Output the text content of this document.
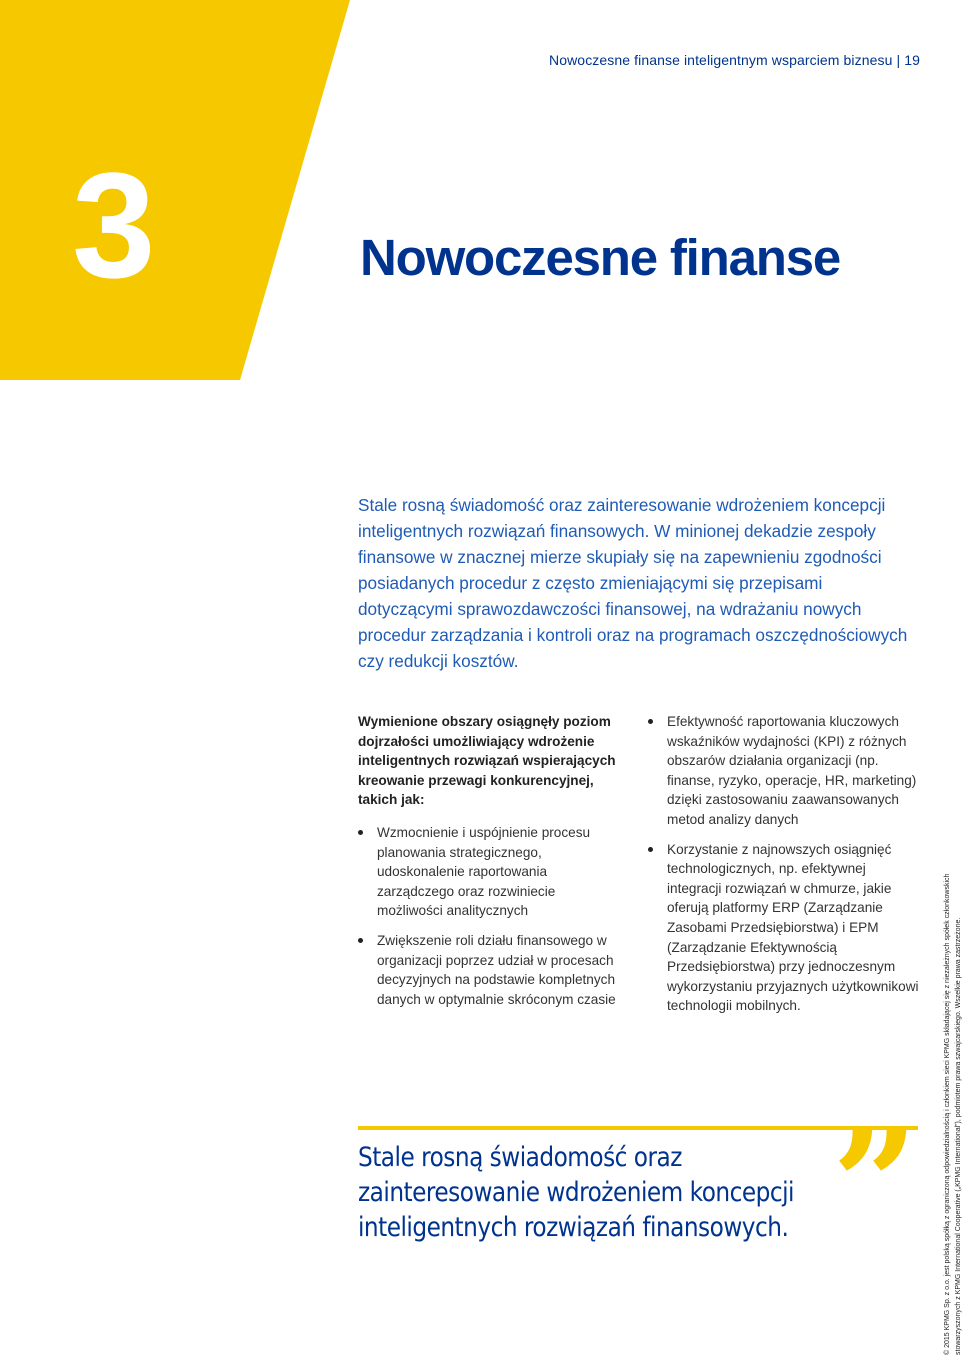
Nowoczesne finanse inteligentnym wsparciem biznesu | 19
3	Nowoczesne finanse

Stale rosną świadomość oraz zainteresowanie wdrożeniem koncepcji inteligentnych rozwiązań finansowych. W minionej dekadzie zespoły finansowe w znacznej mierze skupiały się na zapewnieniu zgodności posiadanych procedur z często zmieniającymi się przepisami dotyczącymi sprawozdawczości finansowej, na wdrażaniu nowych procedur zarządzania i kontroli oraz na programach oszczędnościowych czy redukcji kosztów.

Wymienione obszary osiągnęły poziom dojrzałości umożliwiający wdrożenie inteligentnych rozwiązań wspierających kreowanie przewagi konkurencyjnej, takich jak:

Wzmocnienie i uspójnienie procesu planowania strategicznego, udoskonalenie raportowania zarządczego oraz rozwiniecie możliwości analitycznych
Zwiększenie roli działu finansowego w organizacji poprzez udział w procesach decyzyjnych na podstawie kompletnych danych w optymalnie skróconym czasie
Efektywność raportowania kluczowych wskaźników wydajności (KPI) z różnych obszarów działania organizacji (np. finanse, ryzyko, operacje, HR, marketing) dzięki zastosowaniu zaawansowanych metod analizy danych
Korzystanie z najnowszych osiągnięć technologicznych, np. efektywnej integracji rozwiązań w chmurze, jakie oferują platformy ERP (Zarządzanie Zasobami Przedsiębiorstwa) i EPM (Zarządzanie Efektywnością Przedsiębiorstwa) przy jednoczesnym wykorzystaniu przyjaznych użytkownikowi technologii mobilnych.

Stale rosną świadomość oraz zainteresowanie wdrożeniem koncepcji inteligentnych rozwiązań finansowych. ”	© 2015 KPMG Sp. z o.o. jest polską spółką z ograniczoną odpowiedzialnością i członkiem sieci KPMG składającej się z niezależnych spółek członkowskich stowarzyszonych z KPMG International Cooperative („KPMG International”), podmiotem prawa szwajcarskiego. Wszelkie prawa zastrzeżone.
